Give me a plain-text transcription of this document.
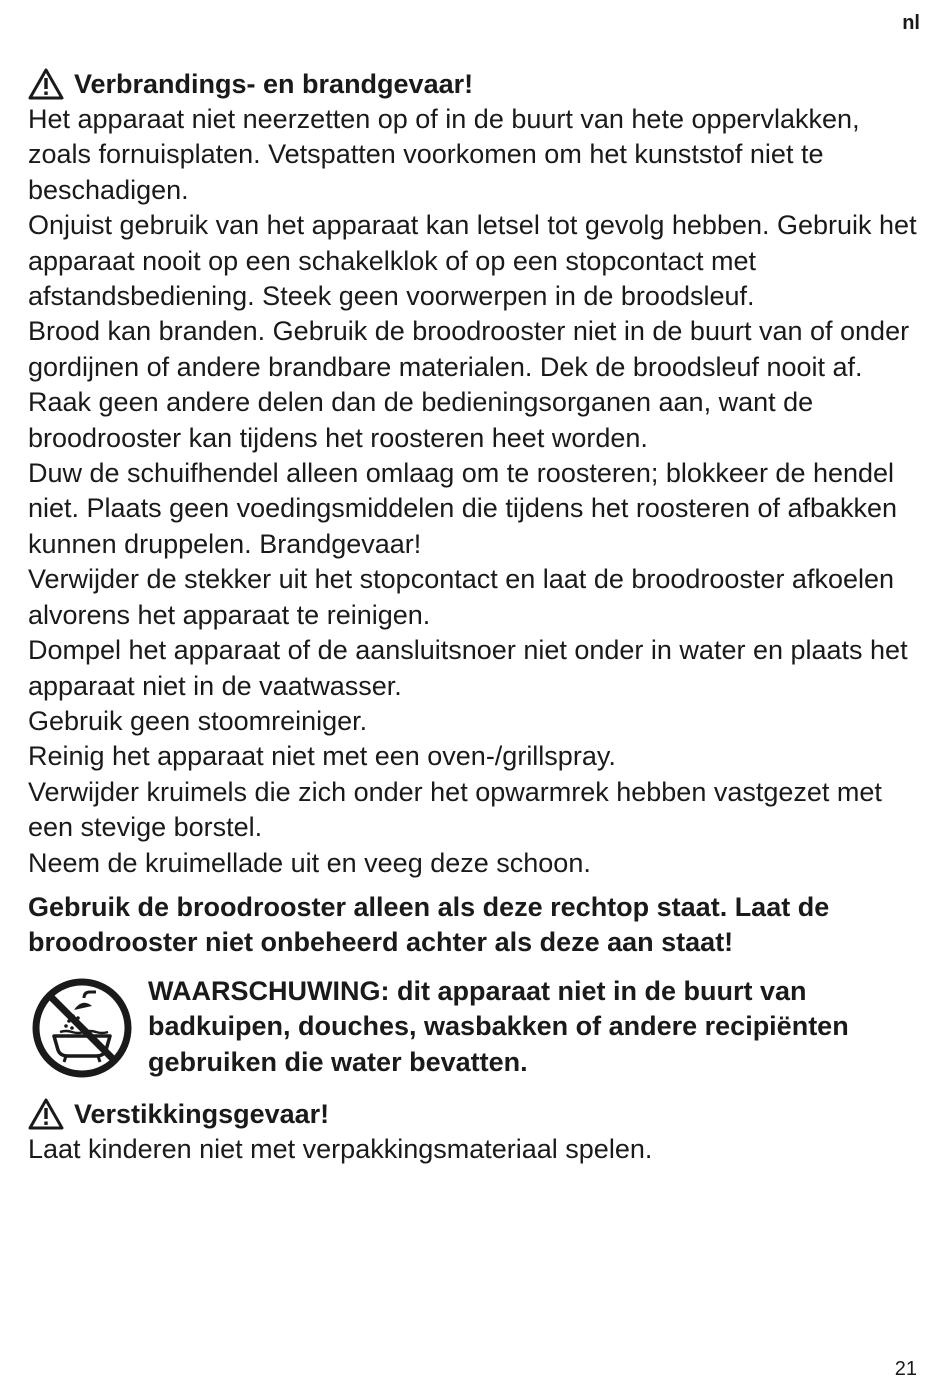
nl
Verbrandings- en brandgevaar!

Het apparaat niet neerzetten op of in de buurt van hete oppervlakken, zoals fornuisplaten. Vetspatten voorkomen om het kunststof niet te beschadigen.

Onjuist gebruik van het apparaat kan letsel tot gevolg hebben. Gebruik het apparaat nooit op een schakelklok of op een stopcontact met afstandsbediening. Steek geen voorwerpen in de broodsleuf.

Brood kan branden. Gebruik de broodrooster niet in de buurt van of onder gordijnen of andere brandbare materialen. Dek de broodsleuf nooit af. Raak geen andere delen dan de bedieningsorganen aan, want de broodrooster kan tijdens het roosteren heet worden.

Duw de schuifhendel alleen omlaag om te roosteren; blokkeer de hendel niet. Plaats geen voedingsmiddelen die tijdens het roosteren of afbakken kunnen druppelen. Brandgevaar!

Verwijder de stekker uit het stopcontact en laat de broodrooster afkoelen alvorens het apparaat te reinigen.

Dompel het apparaat of de aansluitsnoer niet onder in water en plaats het apparaat niet in de vaatwasser.

Gebruik geen stoomreiniger.

Reinig het apparaat niet met een oven-/grillspray.

Verwijder kruimels die zich onder het opwarmrek hebben vastgezet met een stevige borstel.

Neem de kruimellade uit en veeg deze schoon.

Gebruik de broodrooster alleen als deze rechtop staat. Laat de broodrooster niet onbeheerd achter als deze aan staat!
WAARSCHUWING: dit apparaat niet in de buurt van badkuipen, douches, wasbakken of andere recipiënten gebruiken die water bevatten.
Verstikkingsgevaar!

Laat kinderen niet met verpakkingsmateriaal spelen.

21
